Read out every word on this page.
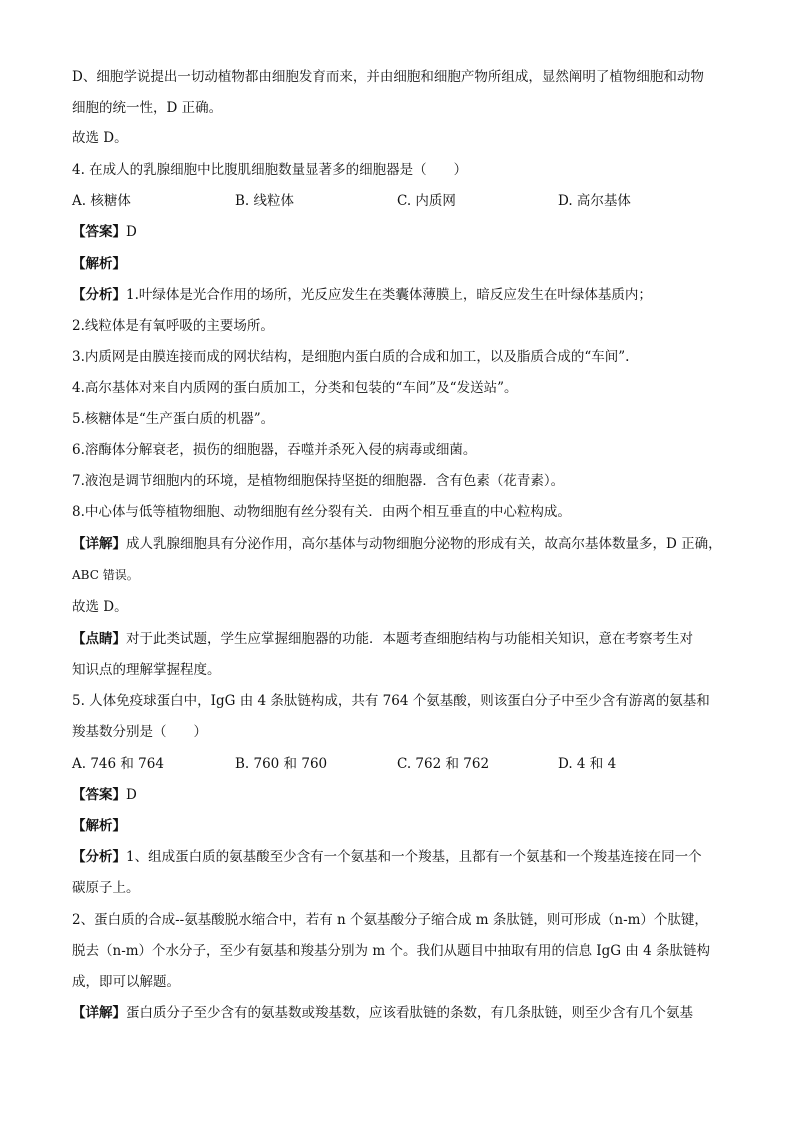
D、细胞学说提出一切动植物都由细胞发育而来，并由细胞和细胞产物所组成，显然阐明了植物细胞和动物
细胞的统一性，D 正确。
故选 D。
4. 在成人的乳腺细胞中比腹肌细胞数量显著多的细胞器是（　　）
A. 核糖体	B. 线粒体	C. 内质网	D. 高尔基体
【答案】D
【解析】
【分析】1.叶绿体是光合作用的场所，光反应发生在类囊体薄膜上，暗反应发生在叶绿体基质内；
2.线粒体是有氧呼吸的主要场所。
3.内质网是由膜连接而成的网状结构，是细胞内蛋白质的合成和加工，以及脂质合成的“车间”.
4.高尔基体对来自内质网的蛋白质加工，分类和包装的“车间”及“发送站”。
5.核糖体是“生产蛋白质的机器”。
6.溶酶体分解衰老，损伤的细胞器，吞噬并杀死入侵的病毒或细菌。
7.液泡是调节细胞内的环境，是植物细胞保持坚挺的细胞器．含有色素（花青素）。
8.中心体与低等植物细胞、动物细胞有丝分裂有关．由两个相互垂直的中心粒构成。
【详解】成人乳腺细胞具有分泌作用，高尔基体与动物细胞分泌物的形成有关，故高尔基体数量多，D 正确，
ABC 错误。
故选 D。
【点睛】对于此类试题，学生应掌握细胞器的功能．本题考查细胞结构与功能相关知识，意在考察考生对
知识点的理解掌握程度。
5. 人体免疫球蛋白中，IgG 由 4 条肽链构成，共有 764 个氨基酸，则该蛋白分子中至少含有游离的氨基和
羧基数分别是（　　）
A. 746 和 764	B. 760 和 760	C. 762 和 762	D. 4 和 4
【答案】D
【解析】
【分析】1、组成蛋白质的氨基酸至少含有一个氨基和一个羧基，且都有一个氨基和一个羧基连接在同一个
碳原子上。
2、蛋白质的合成--氨基酸脱水缩合中，若有 n 个氨基酸分子缩合成 m 条肽链，则可形成（n-m）个肽键，
脱去（n-m）个水分子，至少有氨基和羧基分别为 m 个。我们从题目中抽取有用的信息 IgG 由 4 条肽链构
成，即可以解题。
【详解】蛋白质分子至少含有的氨基数或羧基数，应该看肽链的条数，有几条肽链，则至少含有几个氨基
